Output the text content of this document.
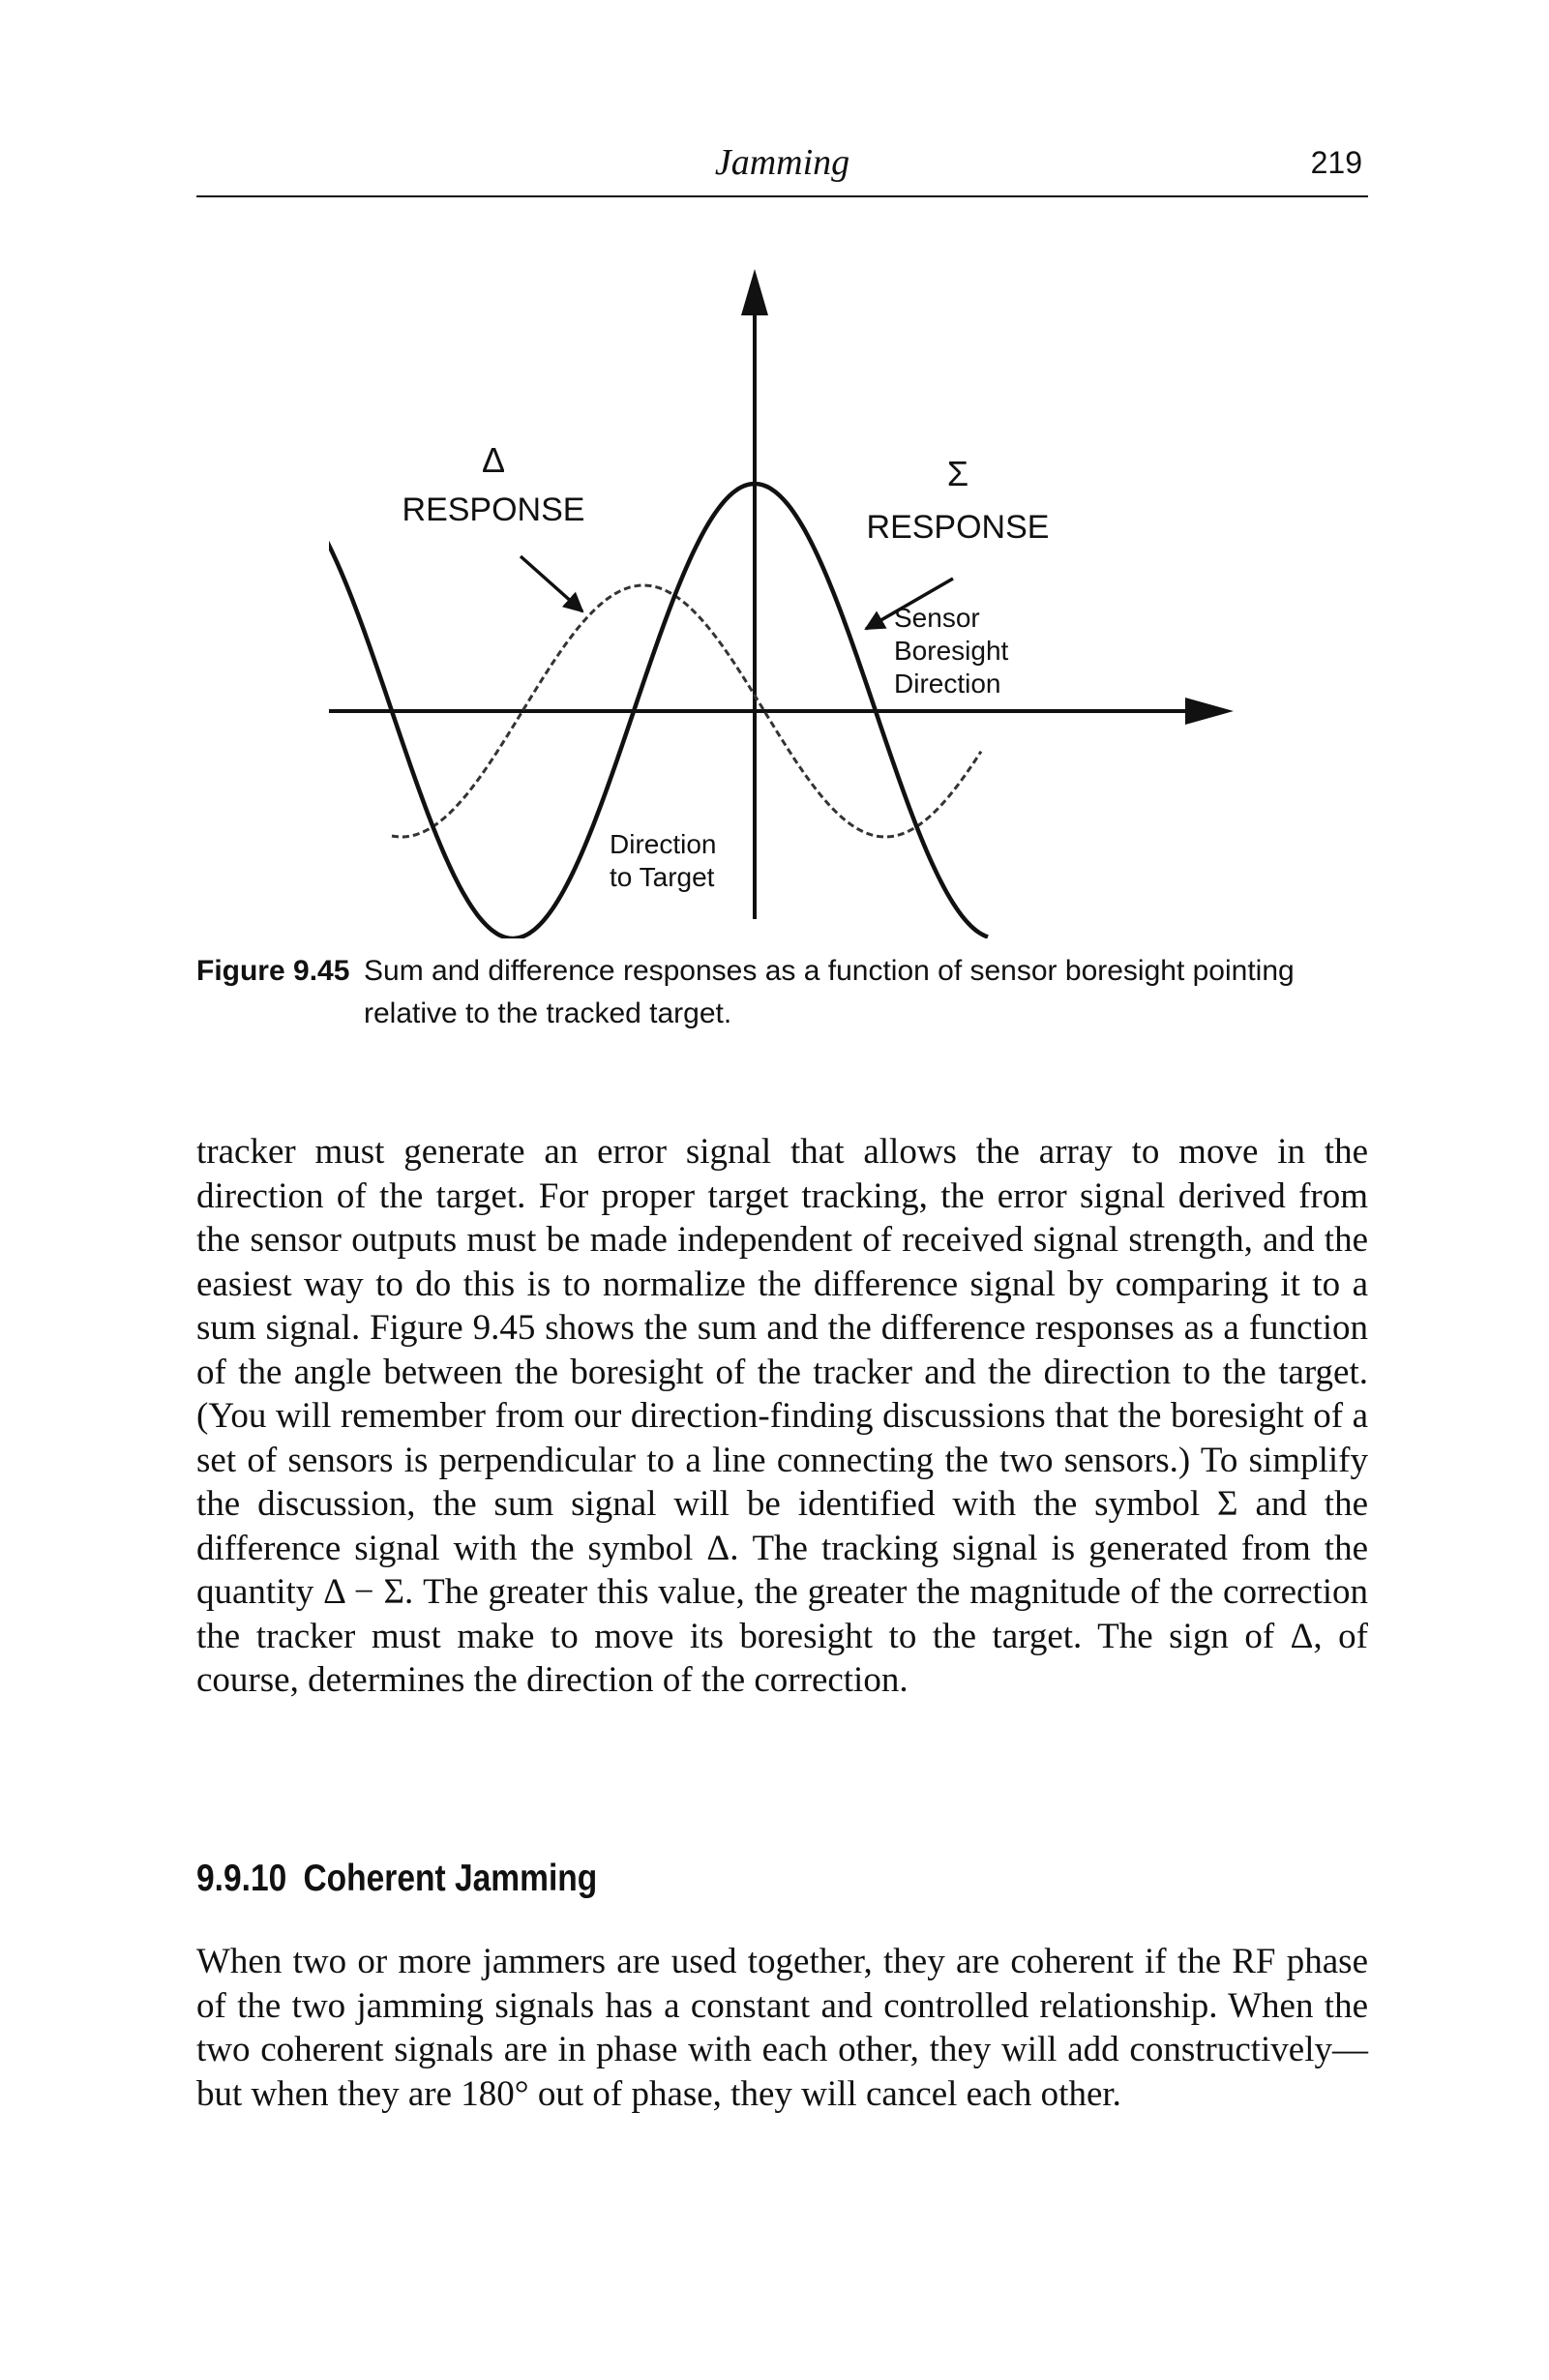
Jamming	219
Δ
RESPONSE
Σ
RESPONSE
Sensor
Boresight
Direction
Direction
to Target
Figure 9.45 Sum and difference responses as a function of sensor boresight pointing relative to the tracked target.

tracker must generate an error signal that allows the array to move in the direction of the target. For proper target tracking, the error signal derived from the sensor outputs must be made independent of received signal strength, and the easiest way to do this is to normalize the difference signal by comparing it to a sum signal. Figure 9.45 shows the sum and the difference responses as a function of the angle between the boresight of the tracker and the direction to the target. (You will remember from our direction-finding discussions that the boresight of a set of sensors is perpendicular to a line connecting the two sensors.) To simplify the discussion, the sum signal will be identified with the symbol Σ and the difference signal with the symbol Δ. The tracking signal is generated from the quantity Δ − Σ. The greater this value, the greater the magnitude of the correction the tracker must make to move its boresight to the target. The sign of Δ, of course, determines the direction of the correction.

9.9.10 Coherent Jamming

When two or more jammers are used together, they are coherent if the RF phase of the two jamming signals has a constant and controlled relationship. When the two coherent signals are in phase with each other, they will add constructively—but when they are 180° out of phase, they will cancel each other.
